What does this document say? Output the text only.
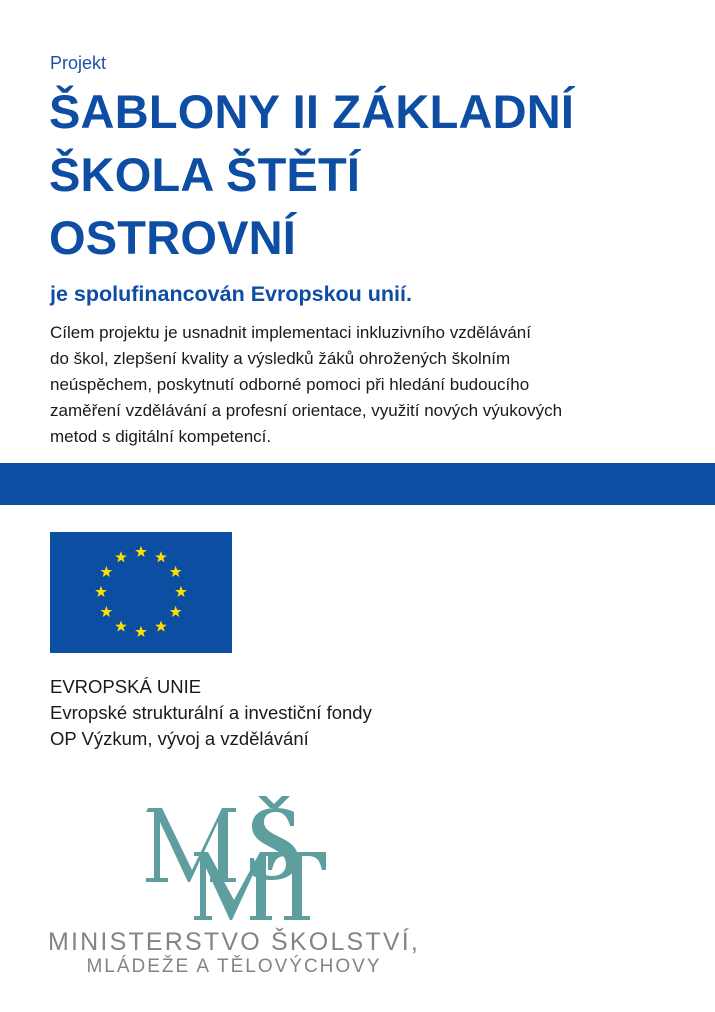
Projekt
ŠABLONY II ZÁKLADNÍ
ŠKOLA ŠTĚTÍ
OSTROVNÍ
je spolufinancován Evropskou unií.
Cílem projektu je usnadnit implementaci inkluzivního vzdělávání
do škol, zlepšení kvality a výsledků žáků ohrožených školním
neúspěchem, poskytnutí odborné pomoci při hledání budoucího
zaměření vzdělávání a profesní orientace, využití nových výukových
metod s digitální kompetencí.
EVROPSKÁ UNIE
Evropské strukturální a investiční fondy
OP Výzkum, vývoj a vzdělávání
MINISTERSTVO ŠKOLSTVÍ,
MLÁDEŽE A TĚLOVÝCHOVY
